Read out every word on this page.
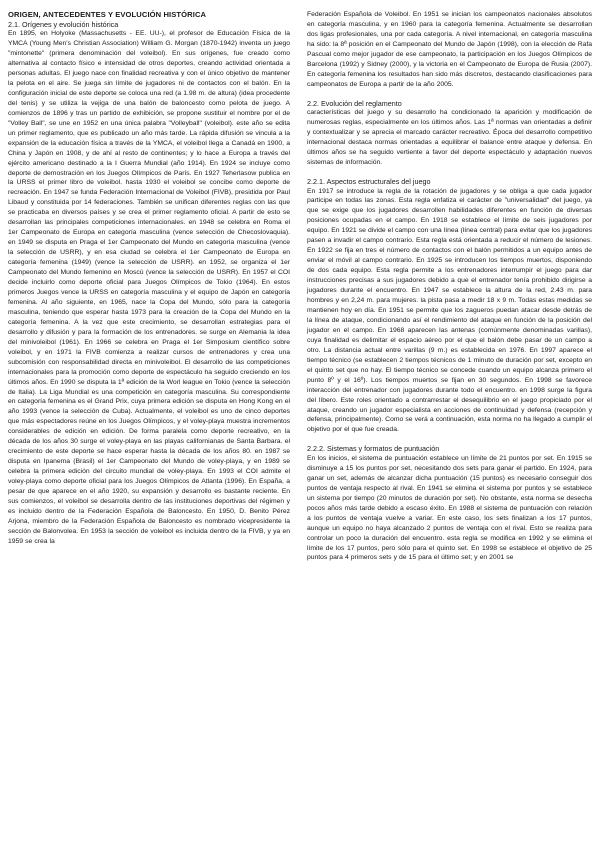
ORIGEN, ANTECEDENTES Y EVOLUCIÓN HISTÓRICA
2.1. Orígenes y evolución histórica

En 1895, en Holyoke (Massachusetts - EE. UU-), el profesor de Educación Física de la YMCA (Young Men's Christian Association) William G. Morgan (1870-1942) inventa un juego "mintonette" (primera denominación del voleibol). En sus orígenes, fue creado como alternativa al contacto físico e intensidad de otros deportes, creando actividad orientada a personas adultas. El juego nace con finalidad recreativa y con el único objetivo de mantener la pelota en el aire. Se juega sin límite de jugadores ni de contactos con el balón. En la configuración inicial de este deporte se coloca una red (a 1.98 m. de altura) (idea procedente del tenis) y se utiliza la vejiga de una balón de baloncesto como pelota de juego. A comienzos de 1896 y tras un partido de exhibición, se propone sustituir el nombre por el de "Volley Ball", se une en 1952 en una única palabra "Volleyball" (voleibol). este año se edita un primer reglamento, que es publicado un año más tarde. La rápida difusión se vincula a la expansión de la educación física a través de la YMCA, el voleibol llega a Canadá en 1900, a China y Japón en 1908, y de ahí al resto de continentes; y lo hace a Europa a través del ejército americano destinado a la I Guerra Mundial (año 1914). En 1924 se incluye como deporte de demostración en los Juegos Olímpicos de París. En 1927 Teherlasow publica en la URSS el primer libro de voleibol. hasta 1930 el voleibol se concibe como deporte de recreación. En 1947 se funda Federación Internacional de Voleibol (FIVB), presidida por Paul Libaud y constituida por 14 federaciones. También se unifican diferentes reglas con las que se practicaba en diversos países y se crea el primer reglamento oficial. A partir de esto se desarrollan las principales competiciones internacionales. en 1948 se celebra en Roma el 1er Campeonato de Europa en categoría masculina (vence selección de Checoslovaquia). en 1949 se disputa en Praga el 1er Campeonato del Mundo en categoría masculina (vence la selección de USRR), y en esa ciudad se celebra el 1er Campeonato de Europa en categoría femenina (1949) (vence la selección de USRR). en 1952, se organiza el 1er Campeonato del Mundo femenino en Moscú (vence la selección de USRR). En 1957 el COI decide incluirlo como deporte oficial para Juegos Olímpicos de Tokio (1964). En estos primeros Juegos vence la URSS en categoría masculina y el equipo de Japón en categoría femenina. Al año siguiente, en 1965, nace la Copa del Mundo, sólo para la categoría masculina, teniendo que esperar hasta 1973 para la creación de la Copa del Mundo en la categoría femenina. A la vez que este crecimiento, se desarrollan estrategias para el desarrollo y difusión y para la formación de los entrenadores. se surge en Alemania la idea del minivoleibol (1961). En 1966 se celebra en Praga el 1er Simposium científico sobre voleibol, y en 1971 la FIVB comienza a realizar cursos de entrenadores y crea una subcomisión con responsabilidad directa en minivoleibol. El desarrollo de las competiciones internacionales para la promoción como deporte de espectáculo ha seguido creciendo en los últimos años. En 1990 se disputa la 1ª edición de la Worl league en Tokio (vence la selección de Italia). La Liga Mundial es una competición en categoría masculina. Su correspondiente en categoría femenina es el Grand Prix, cuya primera edición se disputa en Hong Kong en el año 1993 (vence la selección de Cuba). Actualmente, el voleibol es uno de cinco deportes que más espectadores reúne en los Juegos Olímpicos, y el voley-playa muestra incrementos considerables de edición en edición. De forma paralela como deporte recreativo, en la década de los años 30 surge el voley-playa en las playas californianas de Santa Barbara. el crecimiento de este deporte se hace esperar hasta la década de los años 80. en 1987 se disputa en Ipanema (Brasil) el 1er Campeonato del Mundo de voley-playa, y en 1989 se celebra la primera edición del circuito mundial de voley-playa. En 1993 el COI admite el voley-playa como deporte oficial para los Juegos Olímpicos de Atlanta (1996). En España, a pesar de que aparece en el año 1920, su expansión y desarrollo es bastante reciente. En sus comienzos, el voleibol se desarrolla dentro de las instituciones deportivas del régimen y es incluido dentro de la Federación Española de Baloncesto. En 1950, D. Benito Pérez Arjona, miembro de la Federación Española de Baloncesto es nombrado vicepresidente la sección de Balonvolea. En 1953 la sección de voleibol es incluida dentro de la FIVB, y ya en 1959 se crea la

Federación Española de Voleibol. En 1951 se inician los campeonatos nacionales absolutos en categoría masculina, y en 1960 para la categoría femenina. Actualmente se desarrollan dos ligas profesionales, una por cada categoría. A nivel internacional, en categoría masculina ha sido: la 8ª posición en el Campeonato del Mundo de Japón (1998), con la elección de Rafa Pascual como mejor jugador de ese campeonato, la participación en los Juegos Olímpicos de Barcelona (1992) y Sidney (2000), y la victoria en el Campeonato de Europa de Rusia (2007). En categoría femenina los resultados han sido más discretos, destacando clasificaciones para campeonatos de Europa a partir de la año 2005.

2.2. Evolución del reglamento

características del juego y su desarrollo ha condicionado la aparición y modificación de numerosas reglas, especialmente en los últimos años. Las 1ª normas van orientadas a definir y contextualizar y se aprecia el marcado carácter recreativo. Época del desarrollo competitivo internacional destaca normas orientadas a equilibrar el balance entre ataque y defensa. En últimos años se ha seguido vertiente a favor del deporte espectáculo y adaptación nuevos sistemas de información.

2.2.1. Aspectos estructurales del juego

En 1917 se introduce la regla de la rotación de jugadores y se obliga a que cada jugador participe en todas las zonas. Esta regla enfatiza el carácter de "universalidad" del juego, ya que se exige que los jugadores desarrollen habilidades diferentes en función de diversas posiciones ocupadas en el campo. En 1918 se establece el límite de seis jugadores por equipo. En 1921 se divide el campo con una línea (línea central) para evitar que los jugadores pasen a invadir el campo contrario. Esta regla está orientada a reducir el número de lesiones. En 1922 se fija en tres el número de contactos con el balón permitidos a un equipo antes de enviar el móvil al campo contrario. En 1925 se introducen los tiempos muertos, disponiendo de dos cada equipo. Esta regla permite a los entrenadores interrumpir el juego para dar instrucciones precisas a sus jugadores debido a que el entrenador tenía prohibido dirigirse a jugadores durante el encuentro. En 1947 se establece la altura de la red, 2.43 m. para hombres y en 2,24 m. para mujeres. la pista pasa a medir 18 x 9 m. Todas estas medidas se mantienen hoy en día. En 1951 se permite que los zagueros puedan atacar desde detrás de la línea de ataque, condicionando así el rendimiento del ataque en función de la posición del jugador en el campo. En 1968 aparecen las antenas (comúnmente denominadas varillas), cuya finalidad es delimitar el espacio aéreo por el que el balón debe pasar de un campo a otro. La distancia actual entre varillas (9 m.) es establecida en 1976. En 1997 aparece el tiempo técnico (se establecen 2 tiempos técnicos de 1 minuto de duración por set, excepto en el quinto set que no hay. El tiempo técnico se concede cuando un equipo alcanza primero el punto 8º y el 16º). Los tiempos muertos se fijan en 30 segundos. En 1998 se favorece interacción del entrenador con jugadores durante todo el encuentro. en 1998 surge la figura del líbero. Este roles orientado a contrarrestar el desequilibrio en el juego propiciado por el ataque, creando un jugador especialista en acciones de continuidad y defensa (recepción y defensa, principalmente). Como se verá a continuación, esta norma no ha llegado a cumplir el objetivo por el que fue creada.

2.2.2. Sistemas y formatos de puntuación

En los inicios, el sistema de puntuación establece un límite de 21 puntos por set. En 1915 se disminuye a 15 los puntos por set, necesitando dos sets para ganar el partido. En 1924, para ganar un set, además de alcanzar dicha puntuación (15 puntos) es necesario conseguir dos puntos de ventaja respecto al rival. En 1941 se elimina el sistema por puntos y se establece un sistema por tiempo (20 minutos de duración por set). No obstante, esta norma se desecha pocos años más tarde debido a escaso éxito. En 1988 el sistema de puntuación con relación a los puntos de ventaja vuelve a variar. En este caso, los sets finalizan a los 17 puntos, aunque un equipo no haya alcanzado 2 puntos de ventaja con el rival. Esto se realiza para controlar un poco la duración del encuentro. esta regla se modifica en 1992 y se elimina el límite de los 17 puntos, pero sólo para el quinto set. En 1998 se establece el objetivo de 25 puntos para 4 primeros sets y de 15 para el último set; y en 2001 se
